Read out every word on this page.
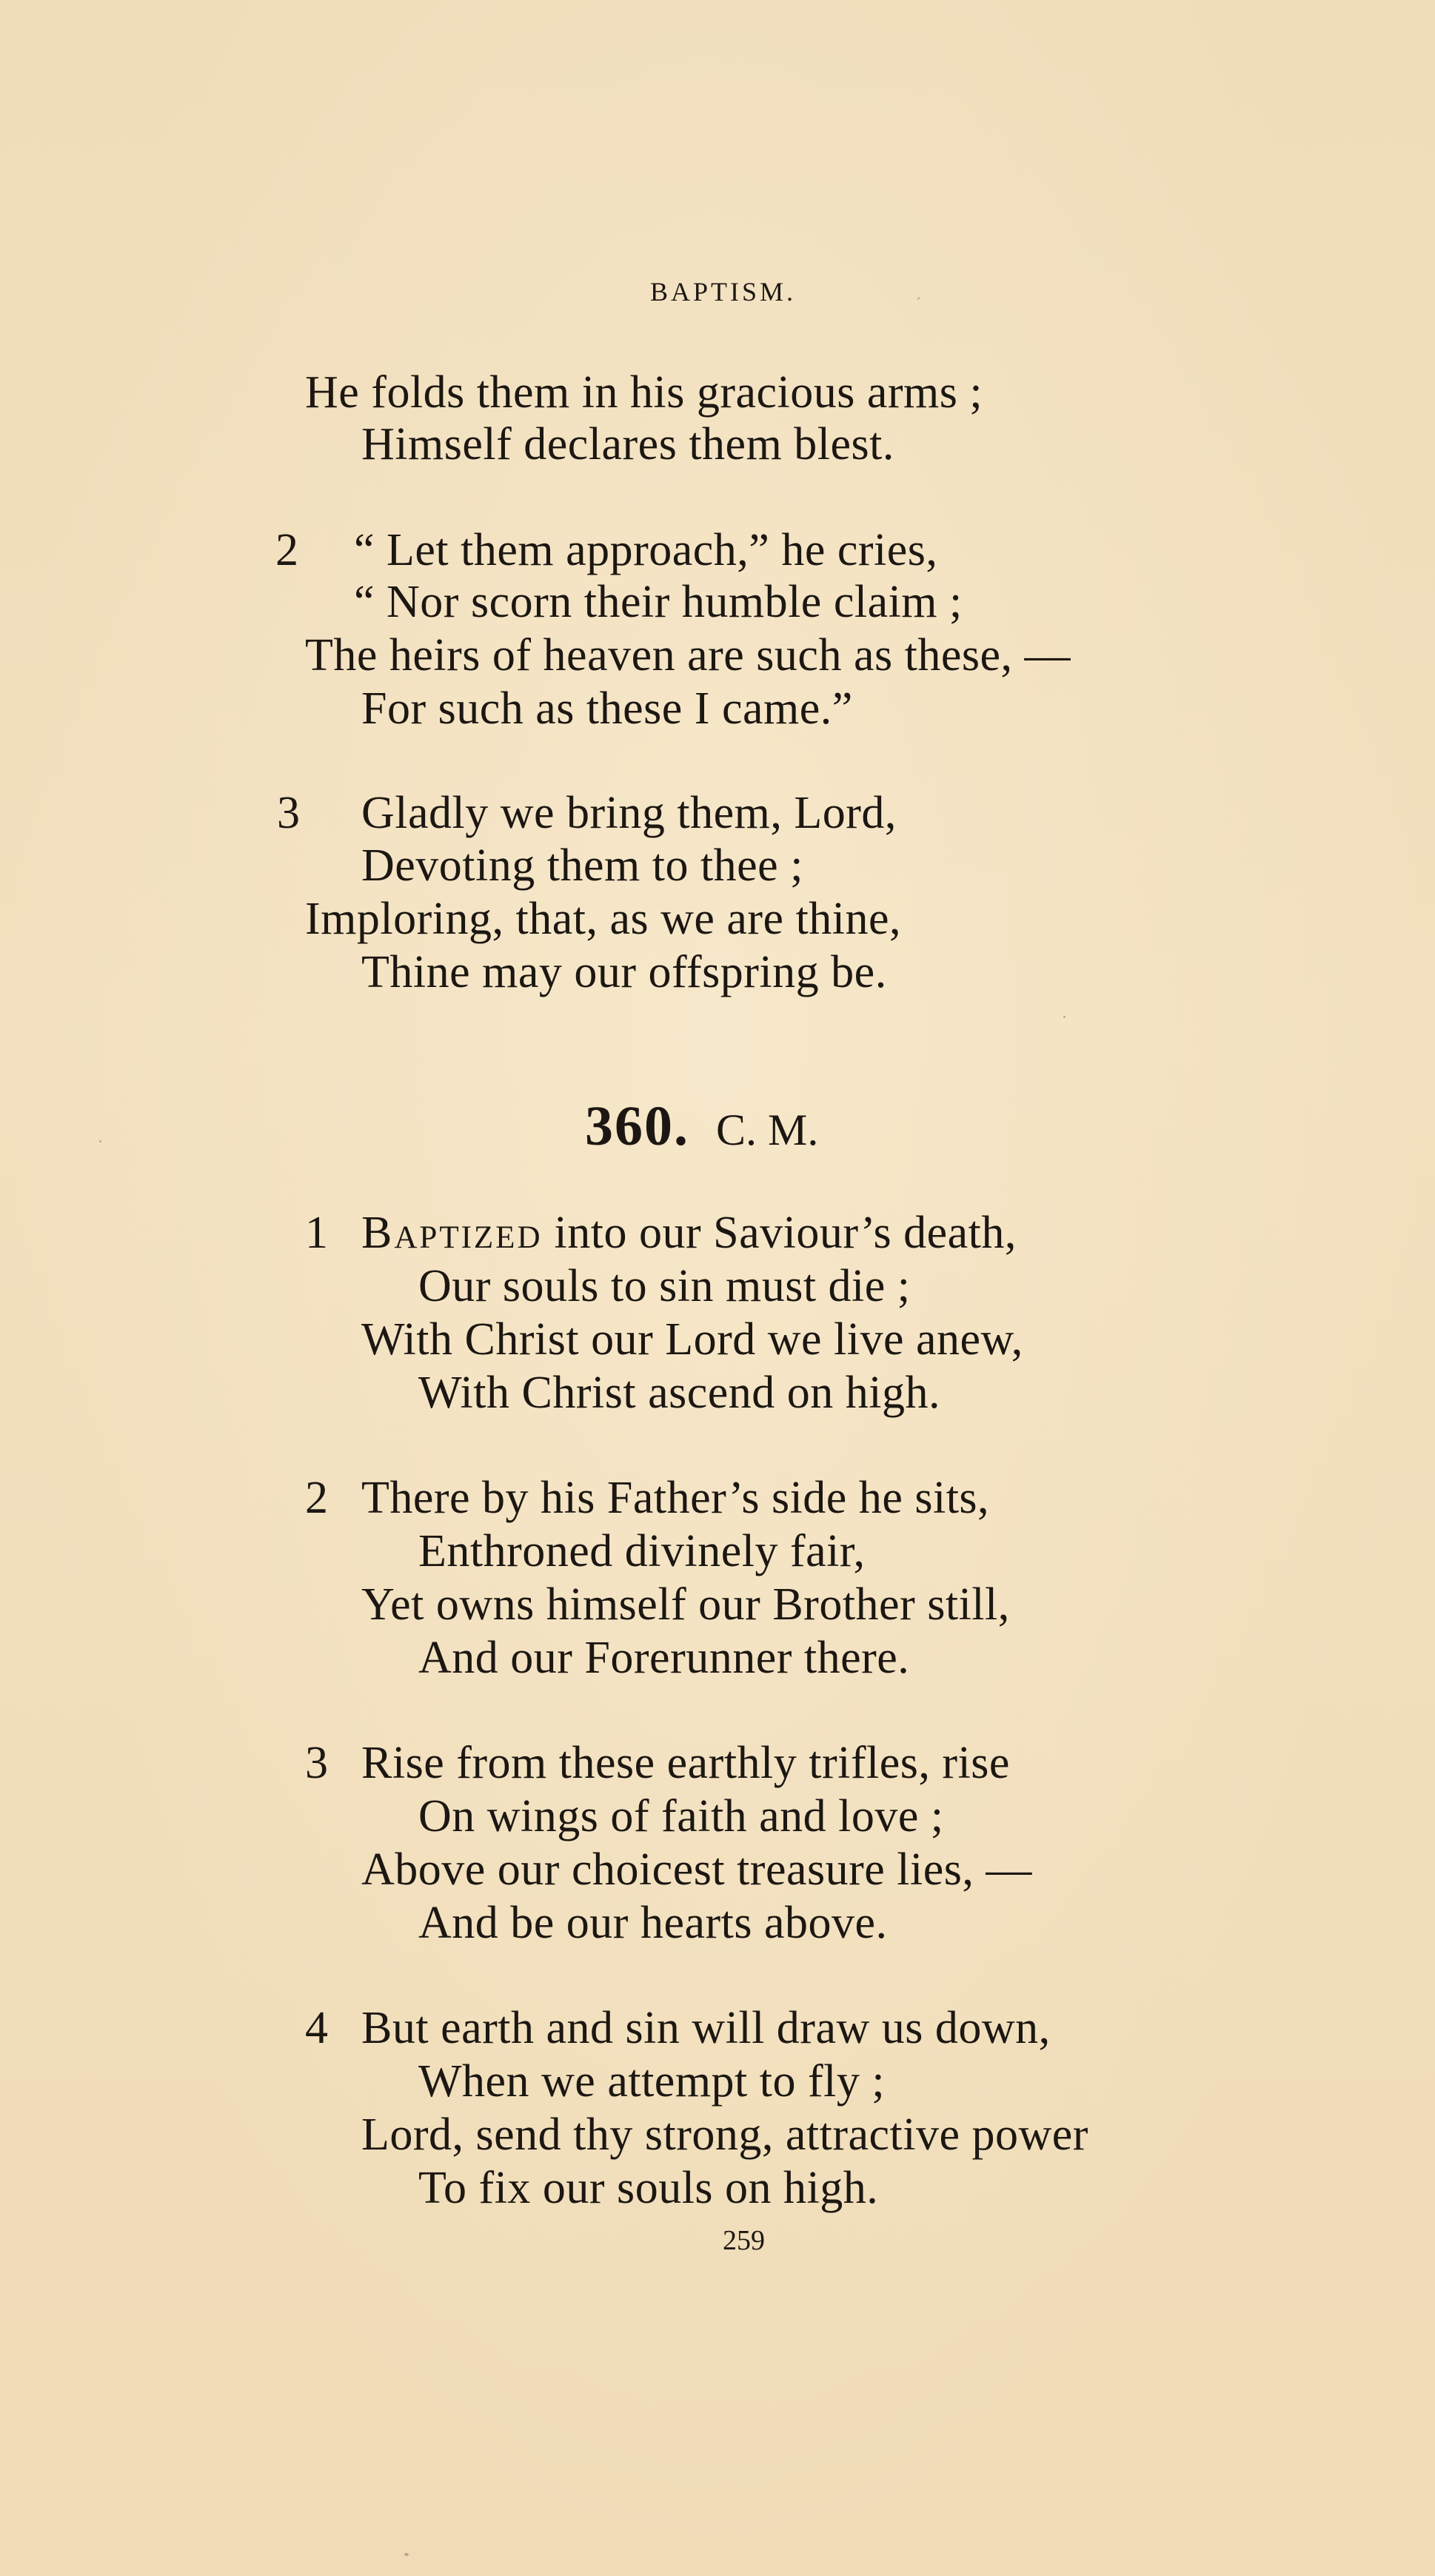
BAPTISM.
He folds them in his gracious arms ;
Himself declares them blest.
2 “ Let them approach,” he cries,
“ Nor scorn their humble claim ;
The heirs of heaven are such as these, —
For such as these I came.”
3 Gladly we bring them, Lord,
Devoting them to thee ;
Imploring, that, as we are thine,
Thine may our offspring be.
360. C. M.
1 Baptized into our Saviour’s death,
Our souls to sin must die ;
With Christ our Lord we live anew,
With Christ ascend on high.
2 There by his Father’s side he sits,
Enthroned divinely fair,
Yet owns himself our Brother still,
And our Forerunner there.
3 Rise from these earthly trifles, rise
On wings of faith and love ;
Above our choicest treasure lies, —
And be our hearts above.
4 But earth and sin will draw us down,
When we attempt to fly ;
Lord, send thy strong, attractive power
To fix our souls on high.
259
